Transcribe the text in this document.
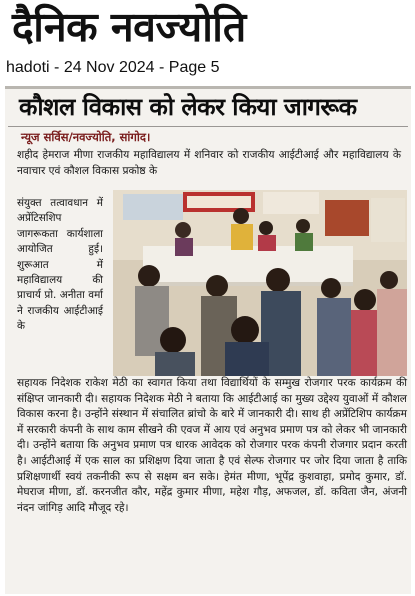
दैनिक नवज्योति
hadoti - 24 Nov 2024 - Page 5
कौशल विकास को लेकर किया जागरूक
न्यूज सर्विस/नवज्योति, सांगोद।
शहीद हेमराज मीणा राजकीय महाविद्यालय में शनिवार को राजकीय आईटीआई और महाविद्यालय के नवाचार एवं कौशल विकास प्रकोष्ठ के
संयुक्त तत्वावधान में अप्रेंटिसशिप जागरूकता कार्यशाला आयोजित हुई। शुरूआत में महाविद्यालय की प्राचार्य प्रो. अनीता वर्मा ने राजकीय आईटीआई के
सहायक निदेशक राकेश मेठी का स्वागत किया तथा विद्यार्थियों के सम्मुख रोजगार परक कार्यक्रम की संक्षिप्त जानकारी दी। सहायक निदेशक मेठी ने बताया कि आईटीआई का मुख्य उद्देश्य युवाओं में कौशल विकास करना है। उन्होंने संस्थान में संचालित ब्रांचो के बारे में जानकारी दी। साथ ही अप्रेंटिशिप कार्यक्रम में सरकारी कंपनी के साथ काम सीखने की एवज में आय एवं अनुभव प्रमाण पत्र को लेकर भी जानकारी दी। उन्होंने बताया कि अनुभव प्रमाण पत्र धारक आवेदक को रोजगार परक कंपनी रोजगार प्रदान करती है। आईटीआई में एक साल का प्रशिक्षण दिया जाता है एवं सेल्फ रोजगार पर जोर दिया जाता है ताकि प्रशिक्षणार्थी स्वयं तकनीकी रूप से सक्षम बन सके। हेमंत मीणा, भूपेंद्र कुशवाहा, प्रमोद कुमार, डॉ. मेघराज मीणा, डॉ. करनजीत कौर, महेंद्र कुमार मीणा, महेश गौड़, अफजल, डॉ. कविता जैन, अंजनी नंदन जांगिड़ आदि मौजूद रहे।
